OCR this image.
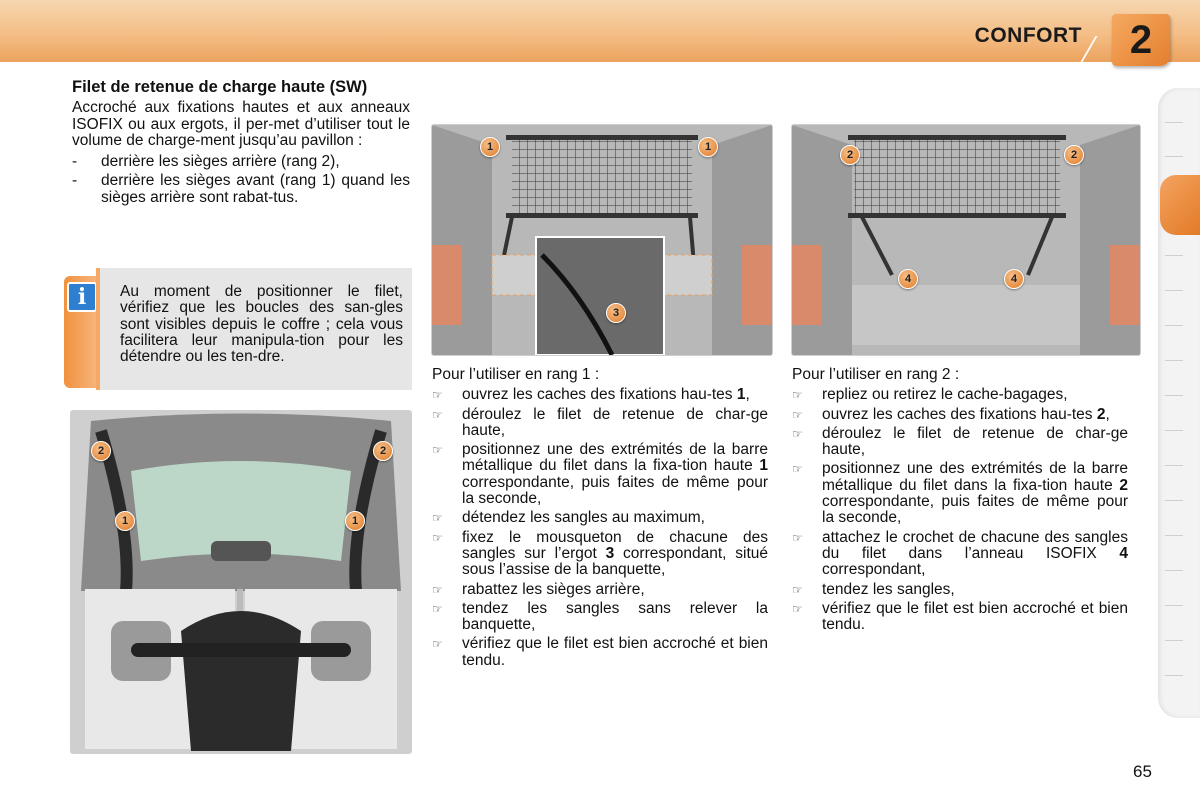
CONFORT	2
Filet de retenue de charge haute (SW)
Accroché aux fixations hautes et aux anneaux ISOFIX ou aux ergots, il per-met d’utiliser tout le volume de charge-ment jusqu’au pavillon :
- derrière les sièges arrière (rang 2),
- derrière les sièges avant (rang 1) quand les sièges arrière sont rabat-tus.
i	Au moment de positionner le filet, vérifiez que les boucles des san-gles sont visibles depuis le coffre ; cela vous facilitera leur manipula-tion pour les détendre ou les ten-dre.
2	2
1	1
1	1
3
2	2
4	4

Pour l’utiliser en rang 1 :

☞ ouvrez les caches des fixations hau-tes 1,
☞ déroulez le filet de retenue de char-ge haute,
☞ positionnez une des extrémités de la barre métallique du filet dans la fixa-tion haute 1 correspondante, puis faites de même pour la seconde,
☞ détendez les sangles au maximum,
☞ fixez le mousqueton de chacune des sangles sur l’ergot 3 correspondant, situé sous l’assise de la banquette,
☞ rabattez les sièges arrière,
☞ tendez les sangles sans relever la banquette,
☞ vérifiez que le filet est bien accroché et bien tendu.

Pour l’utiliser en rang 2 :

☞ repliez ou retirez le cache-bagages,
☞ ouvrez les caches des fixations hau-tes 2,
☞ déroulez le filet de retenue de char-ge haute,
☞ positionnez une des extrémités de la barre métallique du filet dans la fixa-tion haute 2 correspondante, puis faites de même pour la seconde,
☞ attachez le crochet de chacune des sangles du filet dans l’anneau ISOFIX 4 correspondant,
☞ tendez les sangles,
☞ vérifiez que le filet est bien accroché et bien tendu.
65
